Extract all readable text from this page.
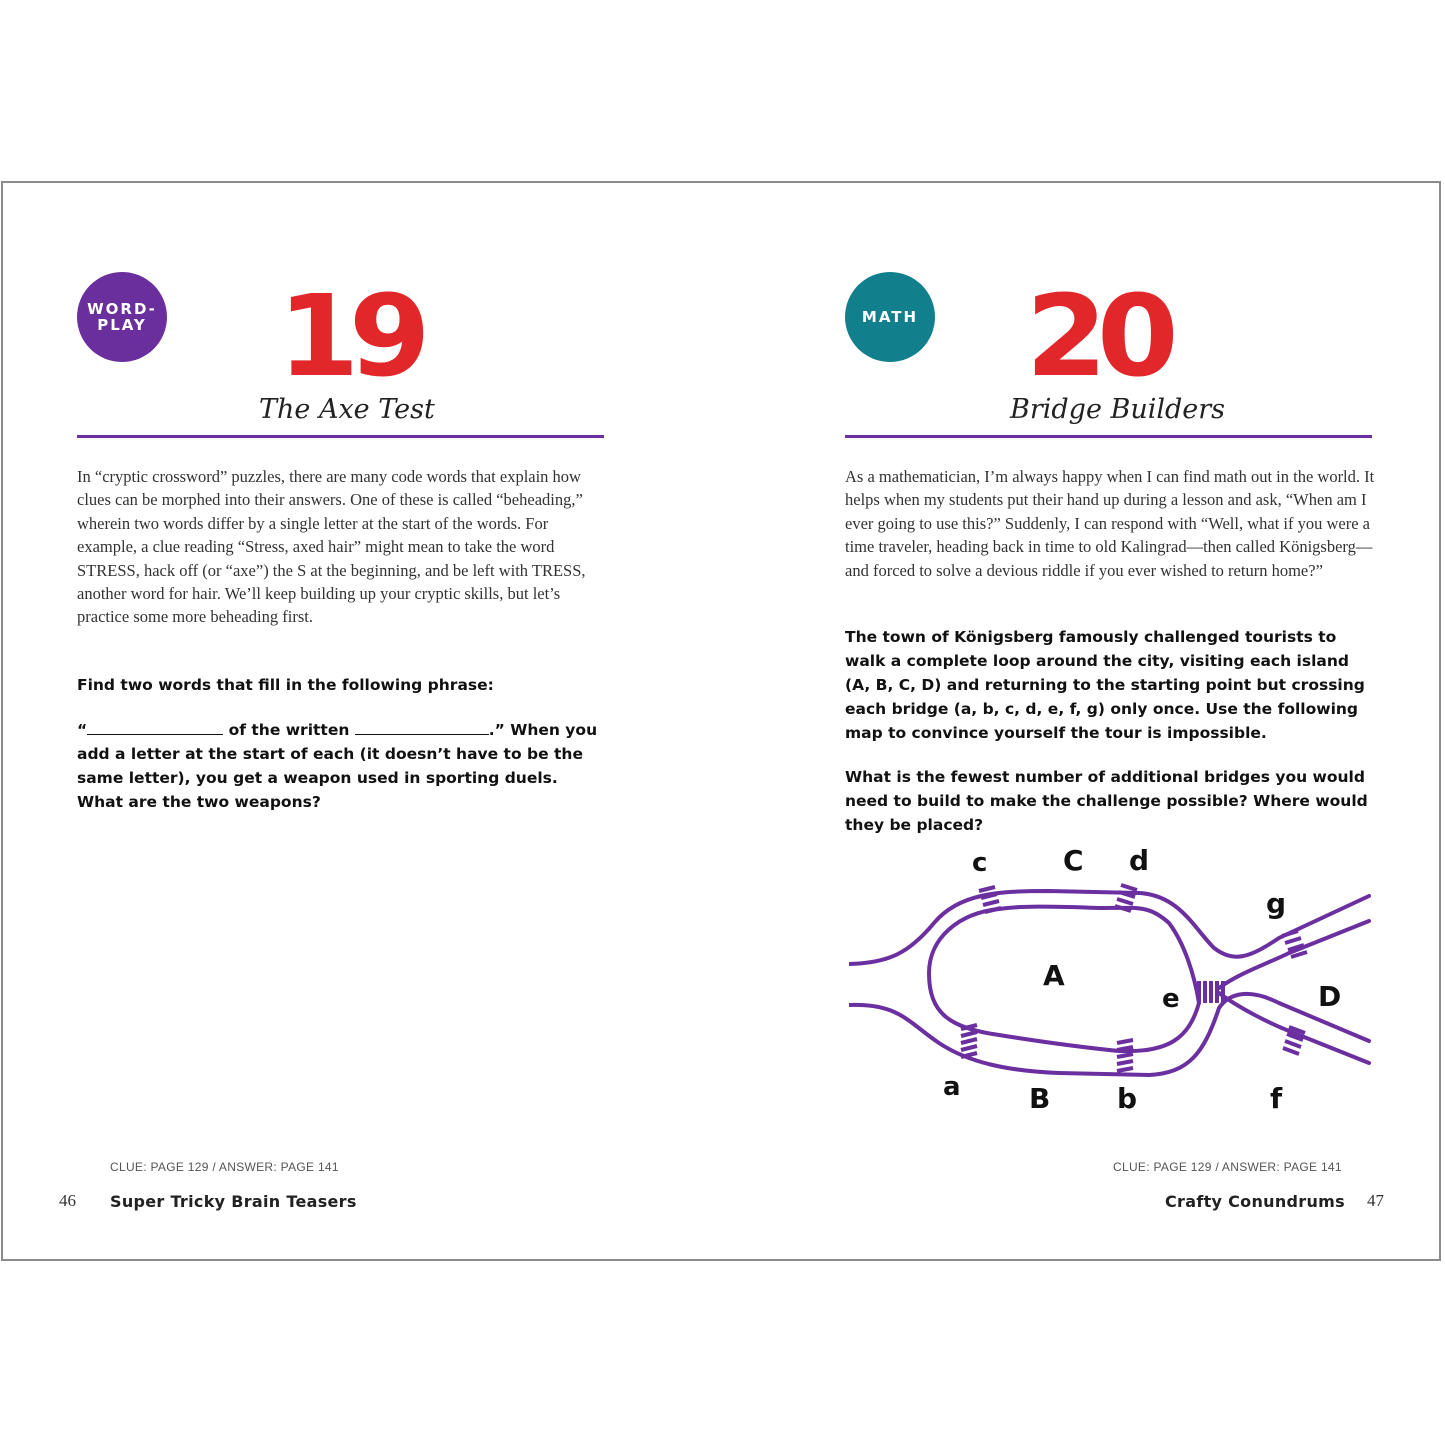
WORD-
PLAY 19
The Axe Test
In “cryptic crossword” puzzles, there are many code words that explain how clues can be morphed into their answers. One of these is called “beheading,” wherein two words differ by a single letter at the start of the words. For example, a clue reading “Stress, axed hair” might mean to take the word STRESS, hack off (or “axe”) the S at the beginning, and be left with TRESS, another word for hair. We’ll keep building up your cryptic skills, but let’s practice some more beheading first.
Find two words that fill in the following phrase:
“	of the written	.” When you add a letter at the start of each (it doesn’t have to be the same letter), you get a weapon used in sporting duels. What are the two weapons?
CLUE: PAGE 129 / ANSWER: PAGE 141
46 Super Tricky Brain Teasers
MATH 20
Bridge Builders
As a mathematician, I’m always happy when I can find math out in the world. It helps when my students put their hand up during a lesson and ask, “When am I ever going to use this?” Suddenly, I can respond with “Well, what if you were a time traveler, heading back in time to old Kalingrad—then called Königsberg—and forced to solve a devious riddle if you ever wished to return home?”
The town of Königsberg famously challenged tourists to walk a complete loop around the city, visiting each island (A, B, C, D) and returning to the starting point but crossing each bridge (a, b, c, d, e, f, g) only once. Use the following map to convince yourself the tour is impossible.
What is the fewest number of additional bridges you would need to build to make the challenge possible? Where would they be placed?
c	C d
g
A
e	D
a B b	f
CLUE: PAGE 129 / ANSWER: PAGE 141
Crafty Conundrums 47
